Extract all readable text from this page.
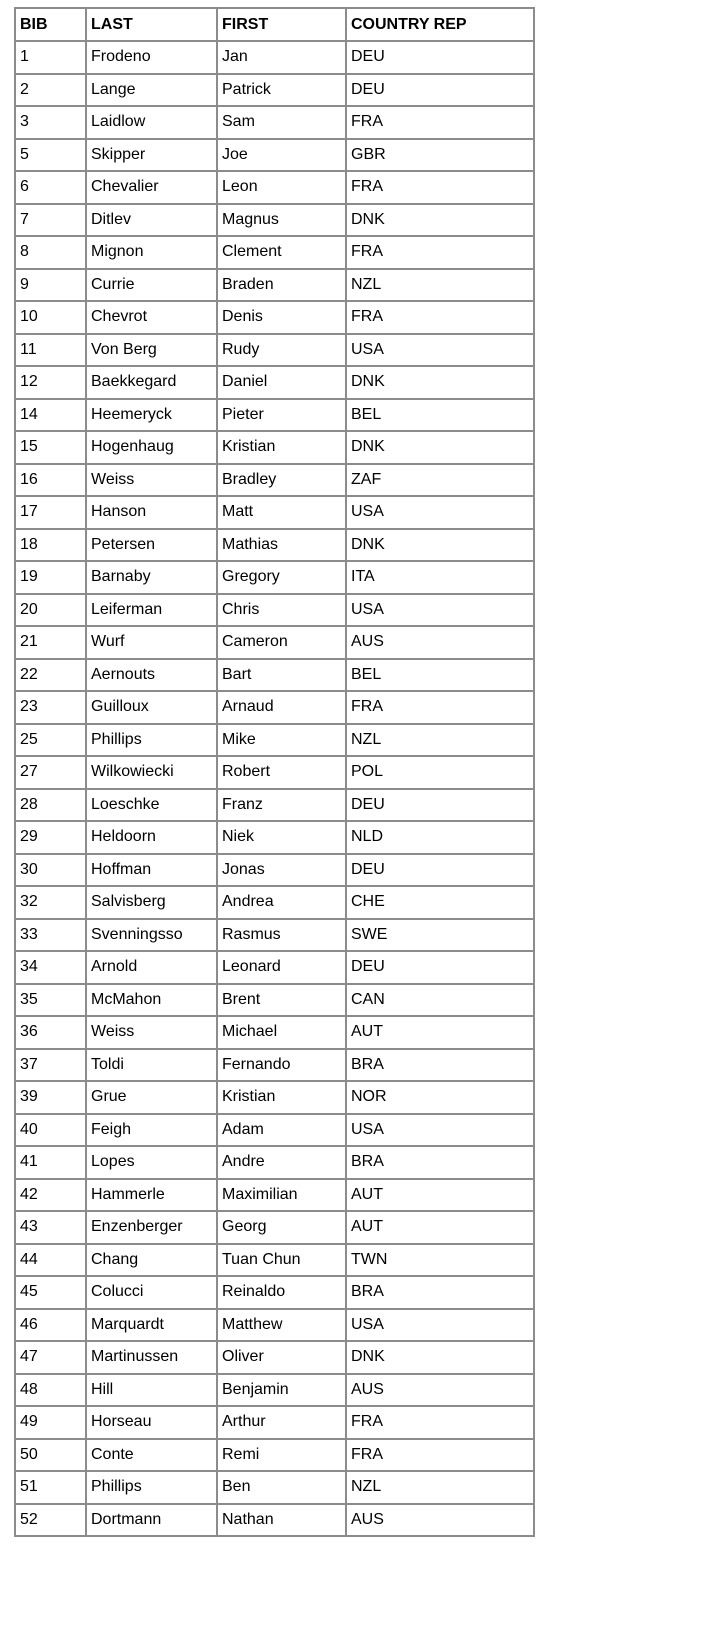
BIB	LAST	FIRST	COUNTRY REP
1	Frodeno	Jan	DEU
2	Lange	Patrick	DEU
3	Laidlow	Sam	FRA
5	Skipper	Joe	GBR
6	Chevalier	Leon	FRA
7	Ditlev	Magnus	DNK
8	Mignon	Clement	FRA
9	Currie	Braden	NZL
10	Chevrot	Denis	FRA
11	Von Berg	Rudy	USA
12	Baekkegard	Daniel	DNK
14	Heemeryck	Pieter	BEL
15	Hogenhaug	Kristian	DNK
16	Weiss	Bradley	ZAF
17	Hanson	Matt	USA
18	Petersen	Mathias	DNK
19	Barnaby	Gregory	ITA
20	Leiferman	Chris	USA
21	Wurf	Cameron	AUS
22	Aernouts	Bart	BEL
23	Guilloux	Arnaud	FRA
25	Phillips	Mike	NZL
27	Wilkowiecki	Robert	POL
28	Loeschke	Franz	DEU
29	Heldoorn	Niek	NLD
30	Hoffman	Jonas	DEU
32	Salvisberg	Andrea	CHE
33	Svenningsso	Rasmus	SWE
34	Arnold	Leonard	DEU
35	McMahon	Brent	CAN
36	Weiss	Michael	AUT
37	Toldi	Fernando	BRA
39	Grue	Kristian	NOR
40	Feigh	Adam	USA
41	Lopes	Andre	BRA
42	Hammerle	Maximilian	AUT
43	Enzenberger	Georg	AUT
44	Chang	Tuan Chun	TWN
45	Colucci	Reinaldo	BRA
46	Marquardt	Matthew	USA
47	Martinussen	Oliver	DNK
48	Hill	Benjamin	AUS
49	Horseau	Arthur	FRA
50	Conte	Remi	FRA
51	Phillips	Ben	NZL
52	Dortmann	Nathan	AUS
